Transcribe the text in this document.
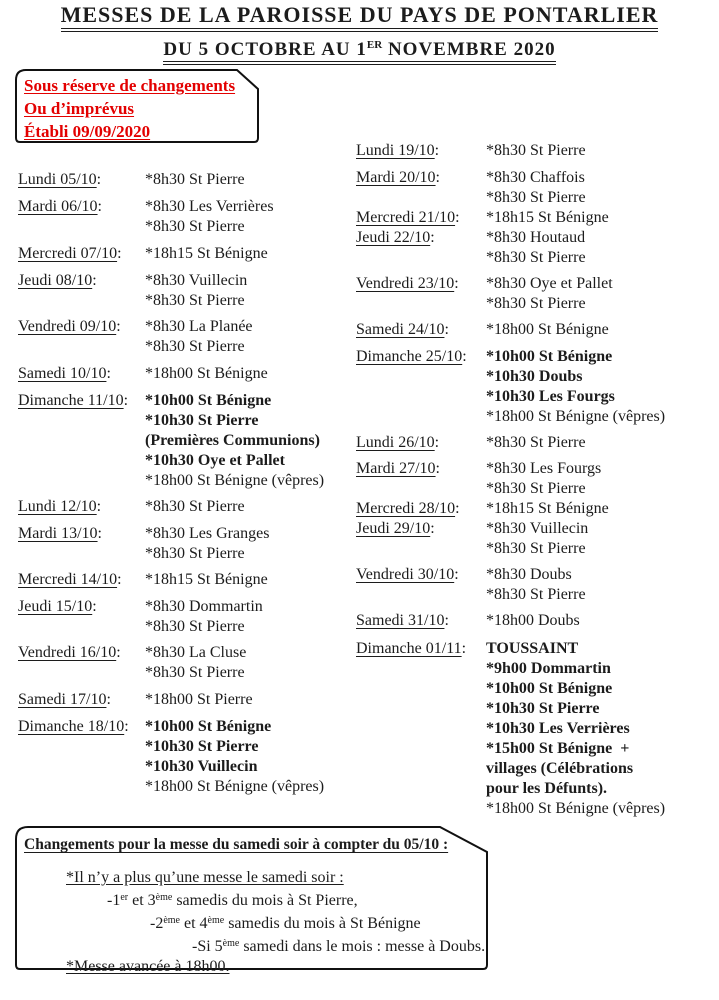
MESSES DE LA PAROISSE DU PAYS DE PONTARLIER
DU 5 OCTOBRE AU 1ER NOVEMBRE 2020
Sous réserve de changements
Ou d’imprévus
Établi 09/09/2020
Lundi 05/10:	*8h30 St Pierre
Mardi 06/10:	*8h30 Les Verrières
*8h30 St Pierre
Mercredi 07/10:	*18h15 St Bénigne
Jeudi 08/10:	*8h30 Vuillecin
*8h30 St Pierre
Vendredi 09/10:	*8h30 La Planée
*8h30 St Pierre
Samedi 10/10:	*18h00 St Bénigne
Dimanche 11/10:	*10h00 St Bénigne
*10h30 St Pierre
(Premières Communions)
*10h30 Oye et Pallet
*18h00 St Bénigne (vêpres)
Lundi 12/10:	*8h30 St Pierre
Mardi 13/10:	*8h30 Les Granges
*8h30 St Pierre
Mercredi 14/10:	*18h15 St Bénigne
Jeudi 15/10:	*8h30 Dommartin
*8h30 St Pierre
Vendredi 16/10:	*8h30 La Cluse
*8h30 St Pierre
Samedi 17/10:	*18h00 St Pierre
Dimanche 18/10:	*10h00 St Bénigne
*10h30 St Pierre
*10h30 Vuillecin
*18h00 St Bénigne (vêpres)
Lundi 19/10:	*8h30 St Pierre
Mardi 20/10:	*8h30 Chaffois
*8h30 St Pierre
Mercredi 21/10:	*18h15 St Bénigne
Jeudi 22/10:	*8h30 Houtaud
*8h30 St Pierre
Vendredi 23/10:	*8h30 Oye et Pallet
*8h30 St Pierre
Samedi 24/10:	*18h00 St Bénigne
Dimanche 25/10:	*10h00 St Bénigne
*10h30 Doubs
*10h30 Les Fourgs
*18h00 St Bénigne (vêpres)
Lundi 26/10:	*8h30 St Pierre
Mardi 27/10:	*8h30 Les Fourgs
*8h30 St Pierre
Mercredi 28/10:	*18h15 St Bénigne
Jeudi 29/10:	*8h30 Vuillecin
*8h30 St Pierre
Vendredi 30/10:	*8h30 Doubs
*8h30 St Pierre
Samedi 31/10:	*18h00 Doubs
Dimanche 01/11:	TOUSSAINT
*9h00 Dommartin
*10h00 St Bénigne
*10h30 St Pierre
*10h30 Les Verrières
*15h00 St Bénigne  +
villages (Célébrations
pour les Défunts).
*18h00 St Bénigne (vêpres)
Changements pour la messe du samedi soir à compter du 05/10 :
*Il n’y a plus qu’une messe le samedi soir :
-1er et 3ème samedis du mois à St Pierre,
-2ème et 4ème samedis du mois à St Bénigne
-Si 5ème samedi dans le mois : messe à Doubs.
*Messe avancée à 18h00.
